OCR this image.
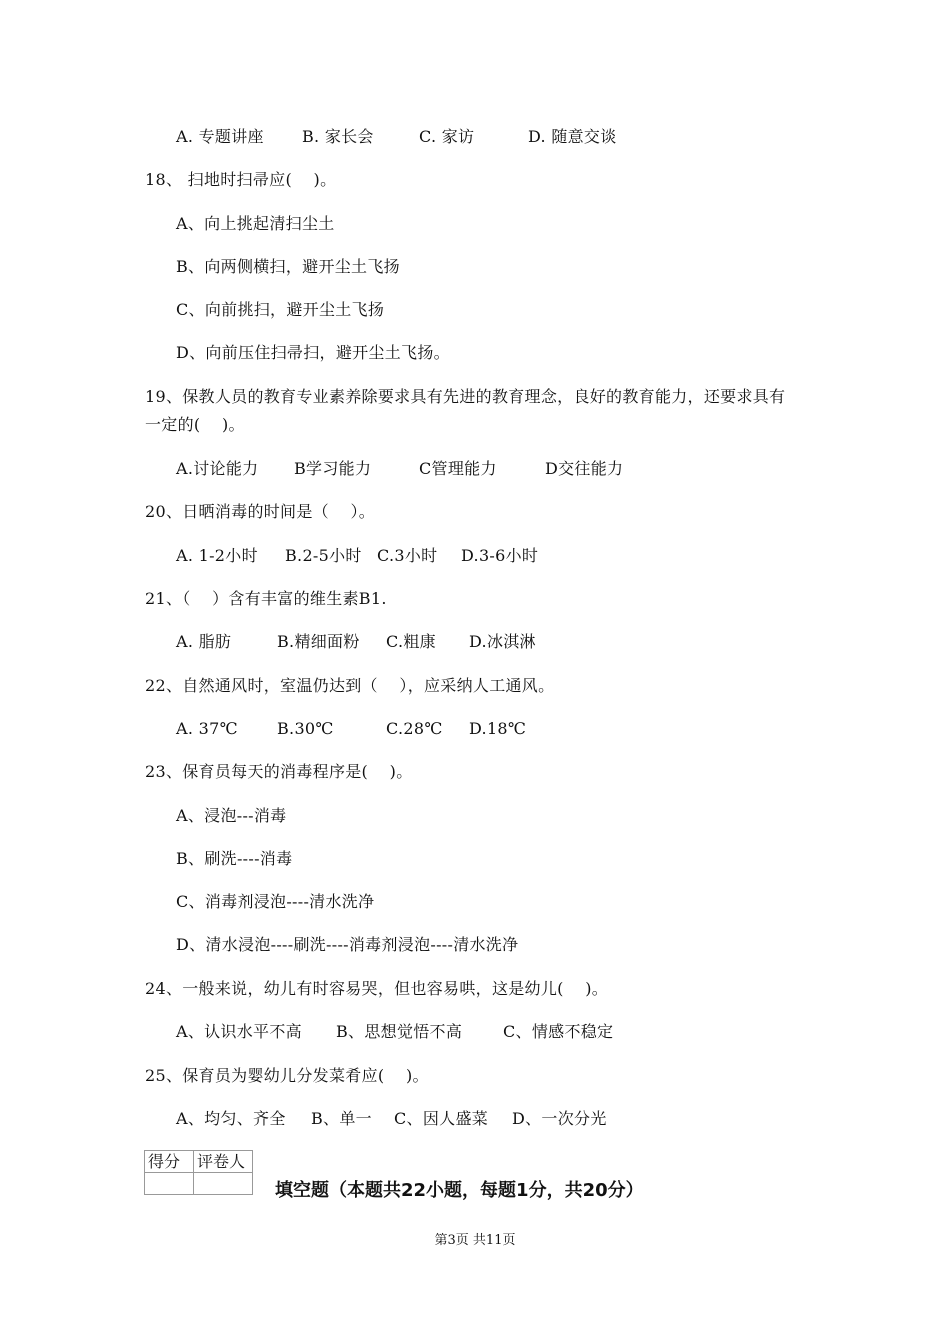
A. 专题讲座 B. 家长会	C. 家访	D. 随意交谈
18、 扫地时扫帚应(    )。
A、向上挑起清扫尘土
B、向两侧横扫，避开尘土飞扬
C、向前挑扫，避开尘土飞扬
D、向前压住扫帚扫，避开尘土飞扬。
19、保教人员的教育专业素养除要求具有先进的教育理念，良好的教育能力，还要求具有
一定的(    )。
A.讨论能力 B学习能力	C管理能力	D交往能力
20、日晒消毒的时间是（    ）。
A. 1-2小时 B.2-5小时 C.3小时 D.3-6小时
21、（    ）含有丰富的维生素B1.
A. 脂肪	B.精细面粉 C.粗康 D.冰淇淋
22、自然通风时，室温仍达到（    ），应采纳人工通风。
A. 37℃ B.30℃	C.28℃ D.18℃
23、保育员每天的消毒程序是(    )。
A、浸泡---消毒
B、刷洗----消毒
C、消毒剂浸泡----清水洗净
D、清水浸泡----刷洗----消毒剂浸泡----清水洗净
24、一般来说，幼儿有时容易哭，但也容易哄，这是幼儿(    )。
A、认识水平不高 B、思想觉悟不高	C、情感不稳定
25、保育员为婴幼儿分发菜肴应(    )。
A、均匀、齐全 B、单一 C、因人盛菜 D、一次分光
得分	评卷人

填空题（本题共22小题，每题1分，共20分）
第3页 共11页
